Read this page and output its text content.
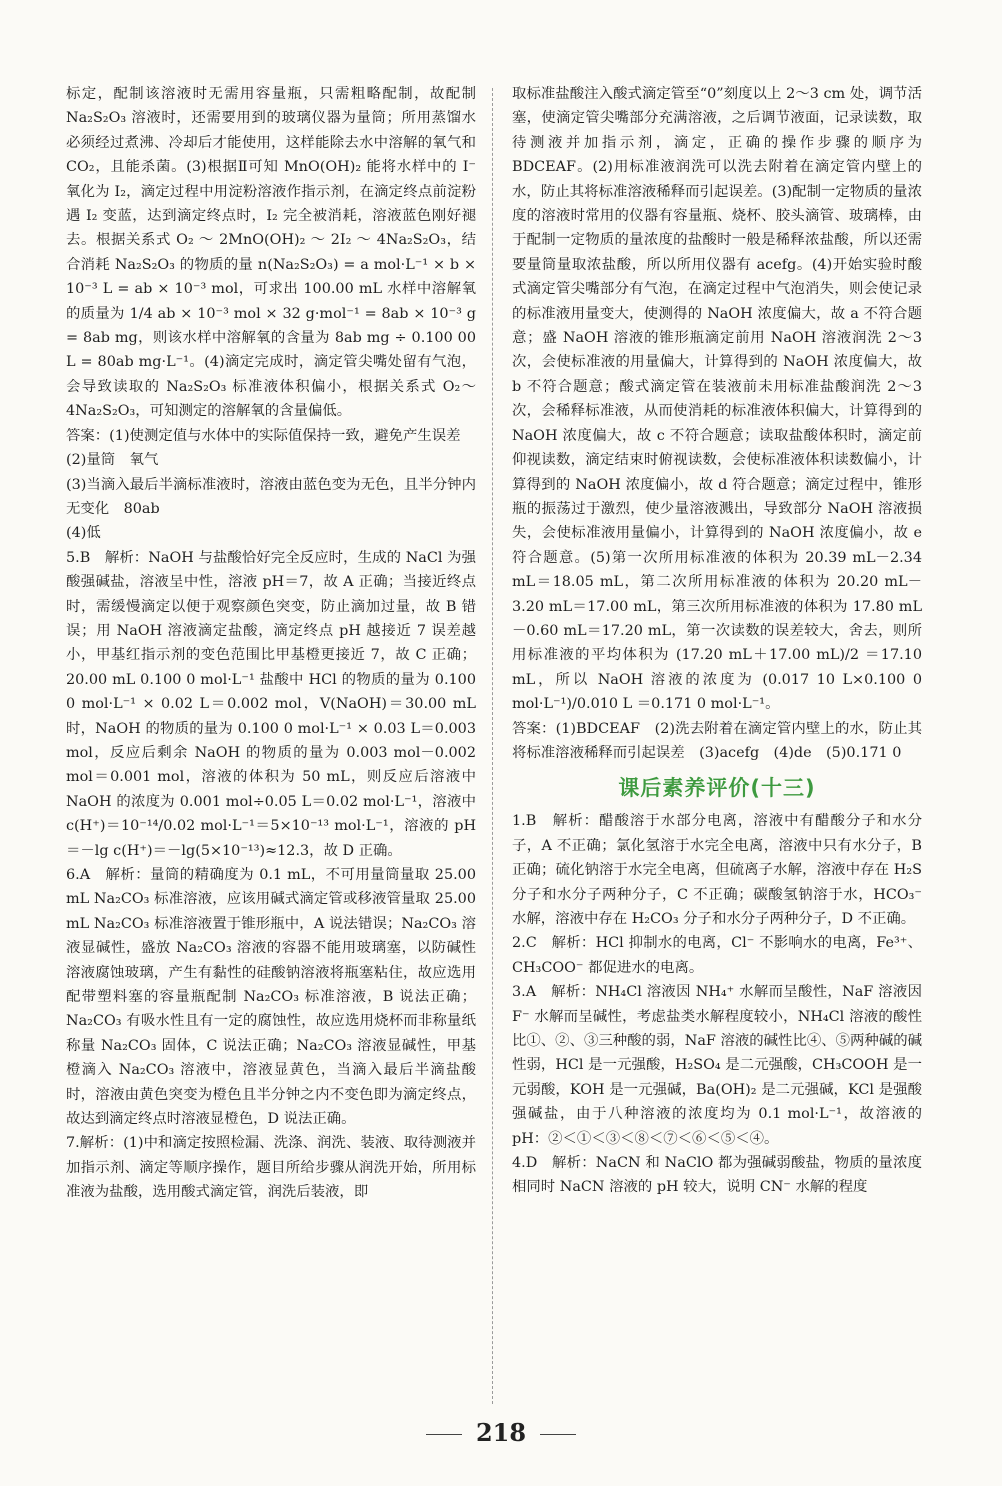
标定，配制该溶液时无需用容量瓶，只需粗略配制，故配制 Na₂S₂O₃ 溶液时，还需要用到的玻璃仪器为量筒；所用蒸馏水必须经过煮沸、冷却后才能使用，这样能除去水中溶解的氧气和 CO₂，且能杀菌。(3)根据Ⅱ可知 MnO(OH)₂ 能将水样中的 I⁻ 氧化为 I₂，滴定过程中用淀粉溶液作指示剂，在滴定终点前淀粉遇 I₂ 变蓝，达到滴定终点时，I₂ 完全被消耗，溶液蓝色刚好褪去。根据关系式 O₂ ～ 2MnO(OH)₂ ～ 2I₂ ～ 4Na₂S₂O₃，结合消耗 Na₂S₂O₃ 的物质的量 n(Na₂S₂O₃) = a mol·L⁻¹ × b × 10⁻³ L = ab × 10⁻³ mol，可求出 100.00 mL 水样中溶解氧的质量为 1/4 ab × 10⁻³ mol × 32 g·mol⁻¹ = 8ab × 10⁻³ g = 8ab mg，则该水样中溶解氧的含量为 8ab mg ÷ 0.100 00 L = 80ab mg·L⁻¹。(4)滴定完成时，滴定管尖嘴处留有气泡，会导致读取的 Na₂S₂O₃ 标准液体积偏小，根据关系式 O₂～4Na₂S₂O₃，可知测定的溶解氧的含量偏低。

答案：(1)使测定值与水体中的实际值保持一致，避免产生误差

(2)量筒　氧气

(3)当滴入最后半滴标准液时，溶液由蓝色变为无色，且半分钟内无变化　80ab

(4)低

5.B　解析：NaOH 与盐酸恰好完全反应时，生成的 NaCl 为强酸强碱盐，溶液呈中性，溶液 pH＝7，故 A 正确；当接近终点时，需缓慢滴定以便于观察颜色突变，防止滴加过量，故 B 错误；用 NaOH 溶液滴定盐酸，滴定终点 pH 越接近 7 误差越小，甲基红指示剂的变色范围比甲基橙更接近 7，故 C 正确；20.00 mL 0.100 0 mol·L⁻¹ 盐酸中 HCl 的物质的量为 0.100 0 mol·L⁻¹ × 0.02 L＝0.002 mol，V(NaOH)＝30.00 mL 时，NaOH 的物质的量为 0.100 0 mol·L⁻¹ × 0.03 L＝0.003 mol，反应后剩余 NaOH 的物质的量为 0.003 mol－0.002 mol＝0.001 mol，溶液的体积为 50 mL，则反应后溶液中 NaOH 的浓度为 0.001 mol÷0.05 L＝0.02 mol·L⁻¹，溶液中 c(H⁺)＝10⁻¹⁴/0.02 mol·L⁻¹＝5×10⁻¹³ mol·L⁻¹，溶液的 pH＝－lg c(H⁺)＝－lg(5×10⁻¹³)≈12.3，故 D 正确。

6.A　解析：量筒的精确度为 0.1 mL，不可用量筒量取 25.00 mL Na₂CO₃ 标准溶液，应该用碱式滴定管或移液管量取 25.00 mL Na₂CO₃ 标准溶液置于锥形瓶中，A 说法错误；Na₂CO₃ 溶液显碱性，盛放 Na₂CO₃ 溶液的容器不能用玻璃塞，以防碱性溶液腐蚀玻璃，产生有黏性的硅酸钠溶液将瓶塞粘住，故应选用配带塑料塞的容量瓶配制 Na₂CO₃ 标准溶液，B 说法正确；Na₂CO₃ 有吸水性且有一定的腐蚀性，故应选用烧杯而非称量纸称量 Na₂CO₃ 固体，C 说法正确；Na₂CO₃ 溶液显碱性，甲基橙滴入 Na₂CO₃ 溶液中，溶液显黄色，当滴入最后半滴盐酸时，溶液由黄色突变为橙色且半分钟之内不变色即为滴定终点，故达到滴定终点时溶液显橙色，D 说法正确。

7.解析：(1)中和滴定按照检漏、洗涤、润洗、装液、取待测液并加指示剂、滴定等顺序操作，题目所给步骤从润洗开始，所用标准液为盐酸，选用酸式滴定管，润洗后装液，即

取标准盐酸注入酸式滴定管至“0”刻度以上 2～3 cm 处，调节活塞，使滴定管尖嘴部分充满溶液，之后调节液面，记录读数，取待测液并加指示剂，滴定，正确的操作步骤的顺序为 BDCEAF。(2)用标准液润洗可以洗去附着在滴定管内壁上的水，防止其将标准溶液稀释而引起误差。(3)配制一定物质的量浓度的溶液时常用的仪器有容量瓶、烧杯、胶头滴管、玻璃棒，由于配制一定物质的量浓度的盐酸时一般是稀释浓盐酸，所以还需要量筒量取浓盐酸，所以所用仪器有 acefg。(4)开始实验时酸式滴定管尖嘴部分有气泡，在滴定过程中气泡消失，则会使记录的标准液用量变大，使测得的 NaOH 浓度偏大，故 a 不符合题意；盛 NaOH 溶液的锥形瓶滴定前用 NaOH 溶液润洗 2～3 次，会使标准液的用量偏大，计算得到的 NaOH 浓度偏大，故 b 不符合题意；酸式滴定管在装液前未用标准盐酸润洗 2～3 次，会稀释标准液，从而使消耗的标准液体积偏大，计算得到的 NaOH 浓度偏大，故 c 不符合题意；读取盐酸体积时，滴定前仰视读数，滴定结束时俯视读数，会使标准液体积读数偏小，计算得到的 NaOH 浓度偏小，故 d 符合题意；滴定过程中，锥形瓶的振荡过于激烈，使少量溶液溅出，导致部分 NaOH 溶液损失，会使标准液用量偏小，计算得到的 NaOH 浓度偏小，故 e 符合题意。(5)第一次所用标准液的体积为 20.39 mL－2.34 mL＝18.05 mL，第二次所用标准液的体积为 20.20 mL－3.20 mL＝17.00 mL，第三次所用标准液的体积为 17.80 mL－0.60 mL＝17.20 mL，第一次读数的误差较大，舍去，则所用标准液的平均体积为 (17.20 mL＋17.00 mL)/2 ＝17.10 mL，所以 NaOH 溶液的浓度为 (0.017 10 L×0.100 0 mol·L⁻¹)/0.010 L ＝0.171 0 mol·L⁻¹。

答案：(1)BDCEAF　(2)洗去附着在滴定管内壁上的水，防止其将标准溶液稀释而引起误差　(3)acefg　(4)de　(5)0.171 0

课后素养评价(十三)

1.B　解析：醋酸溶于水部分电离，溶液中有醋酸分子和水分子，A 不正确；氯化氢溶于水完全电离，溶液中只有水分子，B 正确；硫化钠溶于水完全电离，但硫离子水解，溶液中存在 H₂S 分子和水分子两种分子，C 不正确；碳酸氢钠溶于水，HCO₃⁻ 水解，溶液中存在 H₂CO₃ 分子和水分子两种分子，D 不正确。

2.C　解析：HCl 抑制水的电离，Cl⁻ 不影响水的电离，Fe³⁺、CH₃COO⁻ 都促进水的电离。

3.A　解析：NH₄Cl 溶液因 NH₄⁺ 水解而呈酸性，NaF 溶液因 F⁻ 水解而呈碱性，考虑盐类水解程度较小，NH₄Cl 溶液的酸性比①、②、③三种酸的弱，NaF 溶液的碱性比④、⑤两种碱的碱性弱，HCl 是一元强酸，H₂SO₄ 是二元强酸，CH₃COOH 是一元弱酸，KOH 是一元强碱，Ba(OH)₂ 是二元强碱，KCl 是强酸强碱盐，由于八种溶液的浓度均为 0.1 mol·L⁻¹，故溶液的 pH：②＜①＜③＜⑧＜⑦＜⑥＜⑤＜④。

4.D　解析：NaCN 和 NaClO 都为强碱弱酸盐，物质的量浓度相同时 NaCN 溶液的 pH 较大，说明 CN⁻ 水解的程度

218
